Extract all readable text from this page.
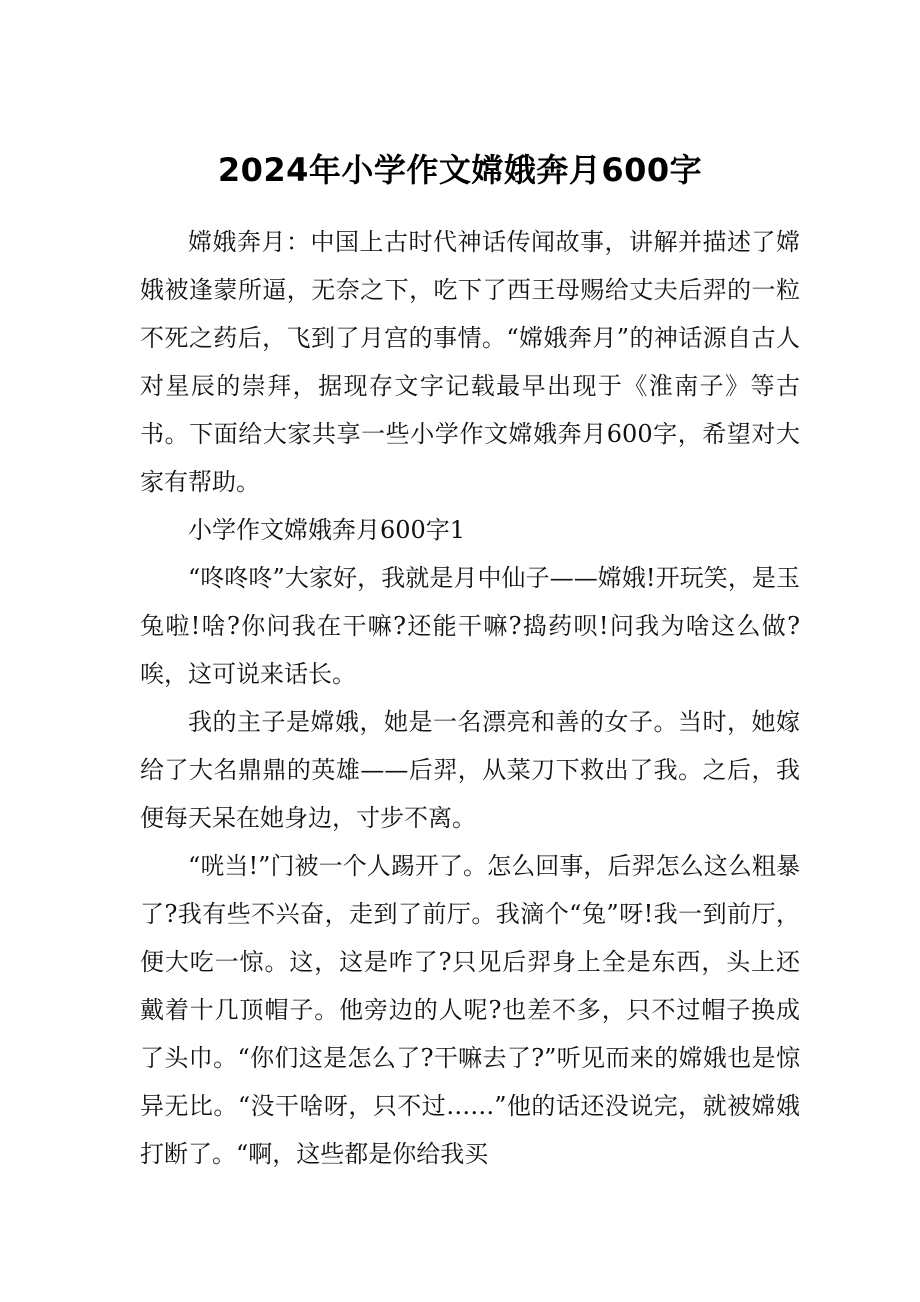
2024年小学作文嫦娥奔月600字

嫦娥奔月：中国上古时代神话传闻故事，讲解并描述了嫦娥被逢蒙所逼，无奈之下，吃下了西王母赐给丈夫后羿的一粒不死之药后，飞到了月宫的事情。“嫦娥奔月”的神话源自古人对星辰的崇拜，据现存文字记载最早出现于《淮南子》等古书。下面给大家共享一些小学作文嫦娥奔月600字，希望对大家有帮助。

小学作文嫦娥奔月600字1

“咚咚咚”大家好，我就是月中仙子——嫦娥!开玩笑，是玉兔啦!啥?你问我在干嘛?还能干嘛?捣药呗!问我为啥这么做?唉，这可说来话长。

我的主子是嫦娥，她是一名漂亮和善的女子。当时，她嫁给了大名鼎鼎的英雄——后羿，从菜刀下救出了我。之后，我便每天呆在她身边，寸步不离。

“咣当!”门被一个人踢开了。怎么回事，后羿怎么这么粗暴了?我有些不兴奋，走到了前厅。我滴个“兔”呀!我一到前厅，便大吃一惊。这，这是咋了?只见后羿身上全是东西，头上还戴着十几顶帽子。他旁边的人呢?也差不多，只不过帽子换成了头巾。“你们这是怎么了?干嘛去了?”听见而来的嫦娥也是惊异无比。“没干啥呀，只不过……”他的话还没说完，就被嫦娥打断了。“啊，这些都是你给我买
